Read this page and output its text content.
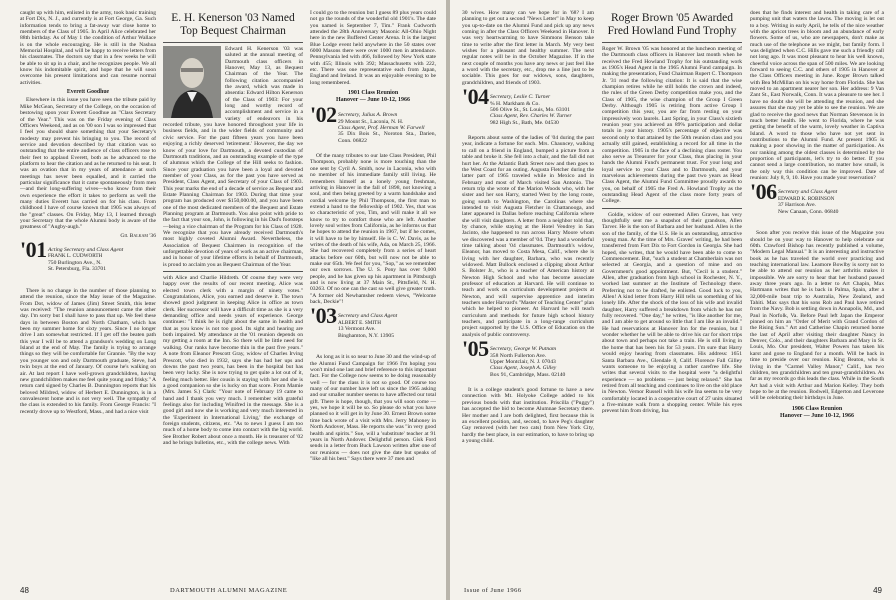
caught up with him, enlisted in the army, took basic training at Fort Dix, N. J., and currently is at Fort George, Ga. Such information tends to bring a fat-away war close home to members of the Class of 1905. In April Alice celebrated her 88th birthday. As of May 1 the condition of Arthur Wallace is on the whole encouraging. He is still in the Nashua Memorial Hospital, and will be happy to receive letters from his classmates. The doctors say that in a few weeks he will be able to sit up in a chair, and he recognizes people. We all know his indomitable spirit, and hope that he will soon overcome his present limitations and can resume normal activities.

Everett Goodhue

Elsewhere in this issue you have seen the tribute paid by Mike McGean, Secretary of the College, on the occasion of bestowing upon your Everett Goodhue an "Class Secretary of the Year." This was on the Friday evening of Class Officers Weekend, and as on '00 son I was so impressed that I feel you should share something that your Secretary's modesty may prevent his bringing to you. The record of service and devotion described by that citation was so outstanding that the entire audience of class officers rose to their feet to applaud Everett, both as he advanced to the platform to hear the citation and as he returned to his seat. It was an ovation that in my years of attendance at such meetings has never been equalled, and it carried the particular significance that it came spontaneously from men—and their long-suffering wives—who know from their own experience the effort it takes to perform as well the many duties Everett has carried on for his class. From childhood I have of course known that 1905 was always of the "great" classes. On Friday, May 13, I learned through your Secretary that the whole Alumni body is aware of the greatness of "Augby-augh."

Gil Balkam '36
'01 Acting Secretary and Class Agent
FRANK L. CUDWORTH
750 Burlington Ave., N.
St. Petersburg, Fla. 33701

There is no change in the number of those planning to attend the reunion, since the May issue of the Magazine. From Dot, widow of James (Jim) Street Smith, this letter was received: "The reunion announcement came the other day. I'm sorry but I shall have to pass that up. We feel these days in between Boston and North Chatham, which has been my summer home for sixty years. Since I no longer drive I am somewhat restricted. If I get off the beaten path this year I will be to attend a grandson's wedding on Long Island at the end of May. The family is trying to arrange things so they will be comfortable for Grannie. "By the way you younger son and only Dartmouth graduate, Steve, had twin boys at the end of January. Of course he's walking on air. At last report I have well-grown grandchildren, having new grandchildren makes me feel quite young and frisky." A return card signed by Charles B. Dunnington reports that his beloved Mildred, widow of Herbert E. Dunnington, is in a convalescent home and is not very well. The sympathy of the class is extended to his family. From George Francis: "I recently drove up to Westford, Mass., and had a nice visit

E. H. Kenerson '03 Named Top Bequest Chairman

Edward H. Kenerson '03 was saluted at the annual meeting of Dartmouth class officers in Hanover, May 13, as Bequest Chairman of the Year. The following citation accompanied the award, which was made in absentia: Edward Hilton Kenerson of the Class of 1903: For your long and worthy record of accomplishment and service in a variety of endeavors in his recorded tribute, you have honored throughout your life in business fields, and in the wider fields of community and civic service. For the past fifteen years you have been enjoying a richly deserved 'retirement.' However, the day we know of your love for Dartmouth, a devoted custodian of Dartmouth traditions, and an outstanding example of the type of alumnus which the College of the Hill seeks to fashion. Since your graduation you have been a loyal and devoted member of your Class, as for the past you have served as President, Class Agent, and Secretary of your Class of 1903. This year marks the end of a decade of service as Bequest and Estate Planning Chairman for 1903. During that time your program has produced over $150,000.00, and you have been one of the most dedicated members of the Bequest and Estate Planning program at Dartmouth. You also point with pride to the fact that your son, John, is following in his Dad's footsteps—being a vice chairman of the Program for his Class of 1928. We recognize that you have already received Dartmouth's most highly coveted Alumni Award. Nevertheless, the Association of Bequest Chairmen in recognition of the unforgettable devotion of years of work as an active chairman, and in honor of your lifetime efforts in behalf of Dartmouth, is proud to acclaim you as Bequest Chairman of the Year.

with Alice and Charlie Hildreth. Of course they were very happy over the results of our recent meeting. Alice was elected town clerk with a margin of ninety votes." Congratulations, Alice, you earned and deserve it. The town showed good judgment in keeping Alice in office as town clerk. Her successor will have a difficult time as she is a very demanding office and needs years of experience. George continues: "I think he is right about the same in health and that as you know is not too good. Its sight and hearing are both impaired. My attendance at the '01 reunion depends on my getting a room at the Inn. So there will be little need for walking. Our ranks have become thin in the past five years." A note from Eleanor Prescott Gray, widow of Charles Irving Prescott, who died in 1932, says she has had her ups and downs the past two years, has been in the hospital but has been very lucky. She is now trying to get quite a lot out of it, feeling much better. Her cousin is staying with her and she is a good companion so she is lucky on that score. From Mamie (Mrs. James S.) Clark: "Your note of February 19 came to hand and I thank you very much. I remember with grateful feelings also for including Winifred in the message. She is a good girl and now she is working and very much interested in the 'Experiment in International Living,' the exchange of foreign students, citizens, etc. "As to news I guess I am too much of a home body to come into contact with the big world. See Brother Robert about once a month. He is treasurer of '02 and he brings bulletins, etc., with the college news. With

I could go to the reunion but I guess 89 plus years could not go the rounds of the wonderful old 1901's. The date you named is September 7, Tim." Frank Cudworth attended the 28th Anniversary Masonic All-Ohio Night here in the new Buffered Center Arena. It is the largest Blue Lodge event held anywhere in the 50 states over 6000 Masons there were over 1000 men in attendance. Pennsylvania led with 466, followed by New York state with 455; Illinois with 392; Massachusetts with 222, etc. There was one representative each from Japan, England and Ireland. It was an enjoyable evening to be long remembered.

1901 Class Reunion
Hanover — June 10-12, 1966
'02 Secretary, Julius A. Brown
29 Mount St., Laconia, N. H.
Class Agent, Prof. Herman W. Farwell
35 Dix Bois St., Noroton Sta., Darien, Conn. 06822

Of the many tributes to our late Class President, Phil Thompson, probably none is more touching than the one sent by Cyril A. Smith, now in Laconia, who with no member of his immediate family still living. He remembers himself as a lonely young freshman, arriving in Hanover in the fall of 1898, not knowing a soul, and then being greeted by a warm handshake and cordial welcome by Phil Thompson, the first man to extend a hand to the fellowship of 1902. Yes, that was so characteristic of you, Tim, and will make it all we know to try to comfort those who are left. Another lovely soul writes from California, as he informs us that he hopes to attend the reunion in 1967, but if he comes, it will have to be by himself. He is C. W. Davis, as he writes of the death of his wife, Ada, on March 25, 1966. She had recovered completely from a series of heart attacks before our 60th, but will now not be able to make our 65th. We feel for you, "Sop," as we remember our own sorrows. The U. S. Pony has over 9,000 people, and he has given up his apartment in Pittsburgh and is now living at 37 Main St., Pittsfield, N. H. 03263. Of no one can the cast so well give greater truth. "A former old Newhamsher redeem views, "Welcome back, Deckie"!

'03 Secretary and Class Agent
ALBERT E. SMITH
13 Vermont Ave.
Binghamton, N.Y. 13905

As long as it is so near to June 30 and the wind-up of the Alumni Fund Campaign for 1966 I'm hoping you won't mind one last and brief reference to this important fact. For the College now seems to be doing reasonably well — for the class it is not so good. Of course too many of our number have left us since the 1965 asking and our smaller number seems to have affected our total gift. There is hope, though, that you will soon come — yes, we hope it will be so. So please do what you have planned so it will get in by June 30. Ernest Brown some time back wrote of a visit with Mrs. Jerry Mahoney in North Andover, Mass. He reports she was "in very good health and spirits." Sue, will a 'substitute' teacher at 91 years in North Andover. Delightful person. Gisk Ford sends in a letter from Buck Lawson written after one of our reunions — does not give the date but speaks of "like all his best." Says there were 37 men and

48	DARTMOUTH ALUMNI MAGAZINE

30 wives. How many can we hope for in '68? I am planning to get out a second "News Letter" in May to keep you up-to-date on the Alumni Fund and pick up any news coming in after the Class Officers Weekend in Hanover. It was very heartwarming to have Simmons Benson take time to write after the first letter in March. My very best wishes for a pleasant and healthy summer. The next regular notes will be in the October Magazine. If in the next couple of months you have any news or just feel like a word with the secretary, etc., drop me a line just to be sociable. This goes for our widows, sons, daughters, grandchildren, and friends of 1903.

'04 Secretary, Leslie C. Turner
% H. Markham & Co.
506 Olive St., St. Louis, Mo. 63101
Class Agent, Rev. Charles W. Turner
982 High St., Bath, Me. 04530

Reports about some of the ladies of '04 during the past year, indicate a fortune for each. Mrs. Chauncey, walking to call on a friend in England, bumped a picture from a table and broke it. She fell into a chair, and the fall did not hurt her. At the Atlantic Bath Street now and then goes to the West Coast for an outing. Augusta Fletcher during the latter part of 1965 traveled while in Mexico and in February and most of March visited San Antonio. The return trip she wrote of the Marion Woods who, with her sister and her son Harry, started West by the long route, going south to Washington, the Carolinas where she intended to visit Augusta Fletcher in Chattanooga, and later appeared in Dallas before reaching California where she will visit daughters. A letter from a neighbor told that, by chance, while staying at the Hotel Vendrey in San Jacinto, she happened to run across Harry Moore whom we discovered was a member of '04. They had a wonderful time talking about '04 classmates. Dartmouth's widow, Eleanor, has moved to Costa Mesa, Calif., where she is living with her daughter, Barbara, who was recently widowed. Matt Bullock enclosed a clipping about Arthur S. Bolster Jr., who is a teacher of American history at Newton High School and who has become associate professor of education at Harvard. He will continue to teach and work on curriculum development projects at Newton, and will supervise apprentice and interim teachers under Harvard's "Master of Teaching Center" plan which he helped to pioneer. At Harvard he will teach curriculum and methods for future high school history teachers, and participate in a long-range curriculum project supported by the U.S. Office of Education on the analysis of public controversy.

'05 Secretary, George W. Putnam
358 North Fullerton Ave.
Upper Montclair, N. J. 07043
Class Agent, Joseph A. Gilley
Box 91, Cambridge, Mass. 02140

It is a college student's good fortune to have a new connection with Mt. Holyoke College added to his previous bonds with that institution. Priscilla ("Puggy") has accepted the bid to become Alumnae Secretary there. Her mother and I are both delighted, first because this is an excellent position, and, second, to have Peg's daughter Gay removed (with her two cats) from New York City, hardly the best place, in our estimation, to have to bring up a young child.

Roger Brown '05 Awarded Fred Howland Fund Trophy

Roger W. Brown '05 was honored at the luncheon meeting of the Dartmouth class officers in Hanover last month when he received the Fred Howland Trophy for his outstanding work as 1905's Head Agent in the 1965 Alumni Fund campaign. In making the presentation, Fund Chairman Rupert C. Thompson Jr. '31 read the following citation: It is said that the wise champion retires while he still holds the crown and indeed, the rules of the Green Derby competition make you, and the Class of 1905, the wise champion of the Group I Green Derby. Although 1905 is retiring from active Group I competition this year, you are far from resting on your impressively won laurels. Last Spring, in your Class's sixtieth reunion year you achieved an 89% participation and dollar totals in your history. 1905's percentage of objective was second only to that attained by the 50th reunion class and you actually still gained, establishing a record for all time in the competition. 1905 in the face of a declining class roster. You also serve as Treasurer for your Class, thus placing in your hands the Alumni Fund's permanent trust. For your long and loyal service to your Class and to Dartmouth, and your marvelous achievements during the past two years as Head Class Agent, the Alumni Fund Committee proudly awards to you, on behalf of 1905 the Fred A. Howland Trophy as the outstanding Head Agent of the class more forty years of College.

Goldie, widow of our esteemed Allen Graves, has very thoughtfully sent me a snapshot of their grandson, Allen Tarver. He is the son of Barbara and her husband. Allen is the son of the family, of the U.S. He is an outstanding, attractive young man. At the time of Mrs. Graves' writing, he had been transferred from Fort Dix to Fort Gordon in Georgia. She had hoped, she writes, that he would have been able to come to Commencement. But, "such a student at Chamberlain was not selected at Georgia, and a question of mine and on Government's good appointment. But, "Cecil is a student." Allen, after graduation from high school in Rochester, N. Y., worked last summer at the Institute of Technology there. Preferring not to be drafted, he enlisted. Good luck to you, Allen! A kind letter from Harry Hill tells us something of his lonely life. After the shock of the loss of his wife and invalid daughter, Harry suffered a breakdown from which he has not fully recovered. "One day," he writes, "is like another for me, and I am able to get around so little that I am like an invalid." He had reservations at Hanover Inn for the reunion, but I wonder whether he will be able to drive his car for short trips about town and perhaps not take a train. He is still living in the home that has been his for 53 years. I'm sure that Harry would enjoy hearing from classmates. His address: 1651 Santa Barbara Ave., Glendale 8, Calif. Florence Fall Gilley wants someone to be enjoying a rather carefree life. She writes that several visits to the hospital were "a delightful experience — no problems — just being relaxed." She has retired from all teaching and continues to live on the old place in Newton. Vernor Russell with his wife Ina seems to be very comfortably located in a cooperative court of 27 units situated a five-minute walk from a shopping center. While his eyes prevent him from driving, Ina

does that he finds interest and health in taking care of a pumping unit that waters the lawns. The moving is let out to a boy. Writing in early April, he tells of the nice weather with the apricot trees in bloom and an abundance of early flowers. Some of us, who are newspapers, don't make as much use of the telephone as we might, but family form. I was delighted when C.C. Hills gave me such a friendly call not long ago. It was most pleasant to hear his well known, cheerful voice across the span of 500 miles. We are looking forward to seeing C.C. and others of 1905 in Hanover at the Class Officers meeting in June. Roger Brown talked with Bea McMillan on his way home from Florida. She has moved to an apartment nearer her son. Her address: 9 Van Zant St., East Norwalk, Conn. It was a pleasure to see her. I have no doubt she will be attending the reunion, and she assures that she may yet be able to see the reunion. We are glad to receive the good news that Norman Stevenson is in much better health. He went to Florida, where he was getting the benefit of the warm, lovely weather in Captiva Island. A word to those who have not yet sent in contributions to the Alumni Fund. At present 1905 is making a poor showing in the matter of participation. As our ranking among the oldest classes is determined by the proportion of participants, let's try to do better. If you cannot send a large contribution, no matter how small, is the only way this condition can be improved. Date of reunion: July 8, 9, 10. Have you made your reservation?

'06 Secretary and Class Agent
EDWARD K. ROBINSON
37 Harrison Ave.
New Canaan, Conn. 06840

Soon after you receive this issue of the Magazine you should be on your way to Hanover to help celebrate our 60th. Crawford Bishop has recently published a volume, "Modern Legal Manual." It is an interesting and instructive book as he has traveled the world over practicing and teaching international law. Leamore Bowlby is sorry not to be able to attend our reunion as her arthritis makes it impossible. We are sorry to hear that her husband passed away three years ago. In a letter to Art Chapin, Max Hartmann writes that he is back in Palma, Spain, after a 32,000-mile boat trip to Australia, New Zealand, and Tahiti. Max says that his sons Rob and Paul have retired from the Navy. Bob is settling down in Annapolis, Md., and Paul in Norfolk, Va. Before Paul left Japan the Emperor pinned on him an "Order of Merit with Grand Cordon of the Rising Sun." Art and Catherine Chapin returned home the last of April after visiting their daughter Nancy in Denver, Colo., and their daughters Barbara and Mary in St. Louis, Mo. Our president, Walter Powers has taken his karst and gone to England for a month. Will be back in time to preside over our reunion. King Beaton, who is living in the "Carmel Valley Manor," Calif., has two children, ten grandchildren and ten great-grandchildren. As far as my records go this leads the class. While in the South Art had a visit with Arthur and Marion Kelley. They both hope to be at the reunion. Bodwell, Edgerton and Leverone will be celebrating their birthdays in June.

1906 Class Reunion
Hanover — June 10-12, 1966
Issue of June 1966	49
